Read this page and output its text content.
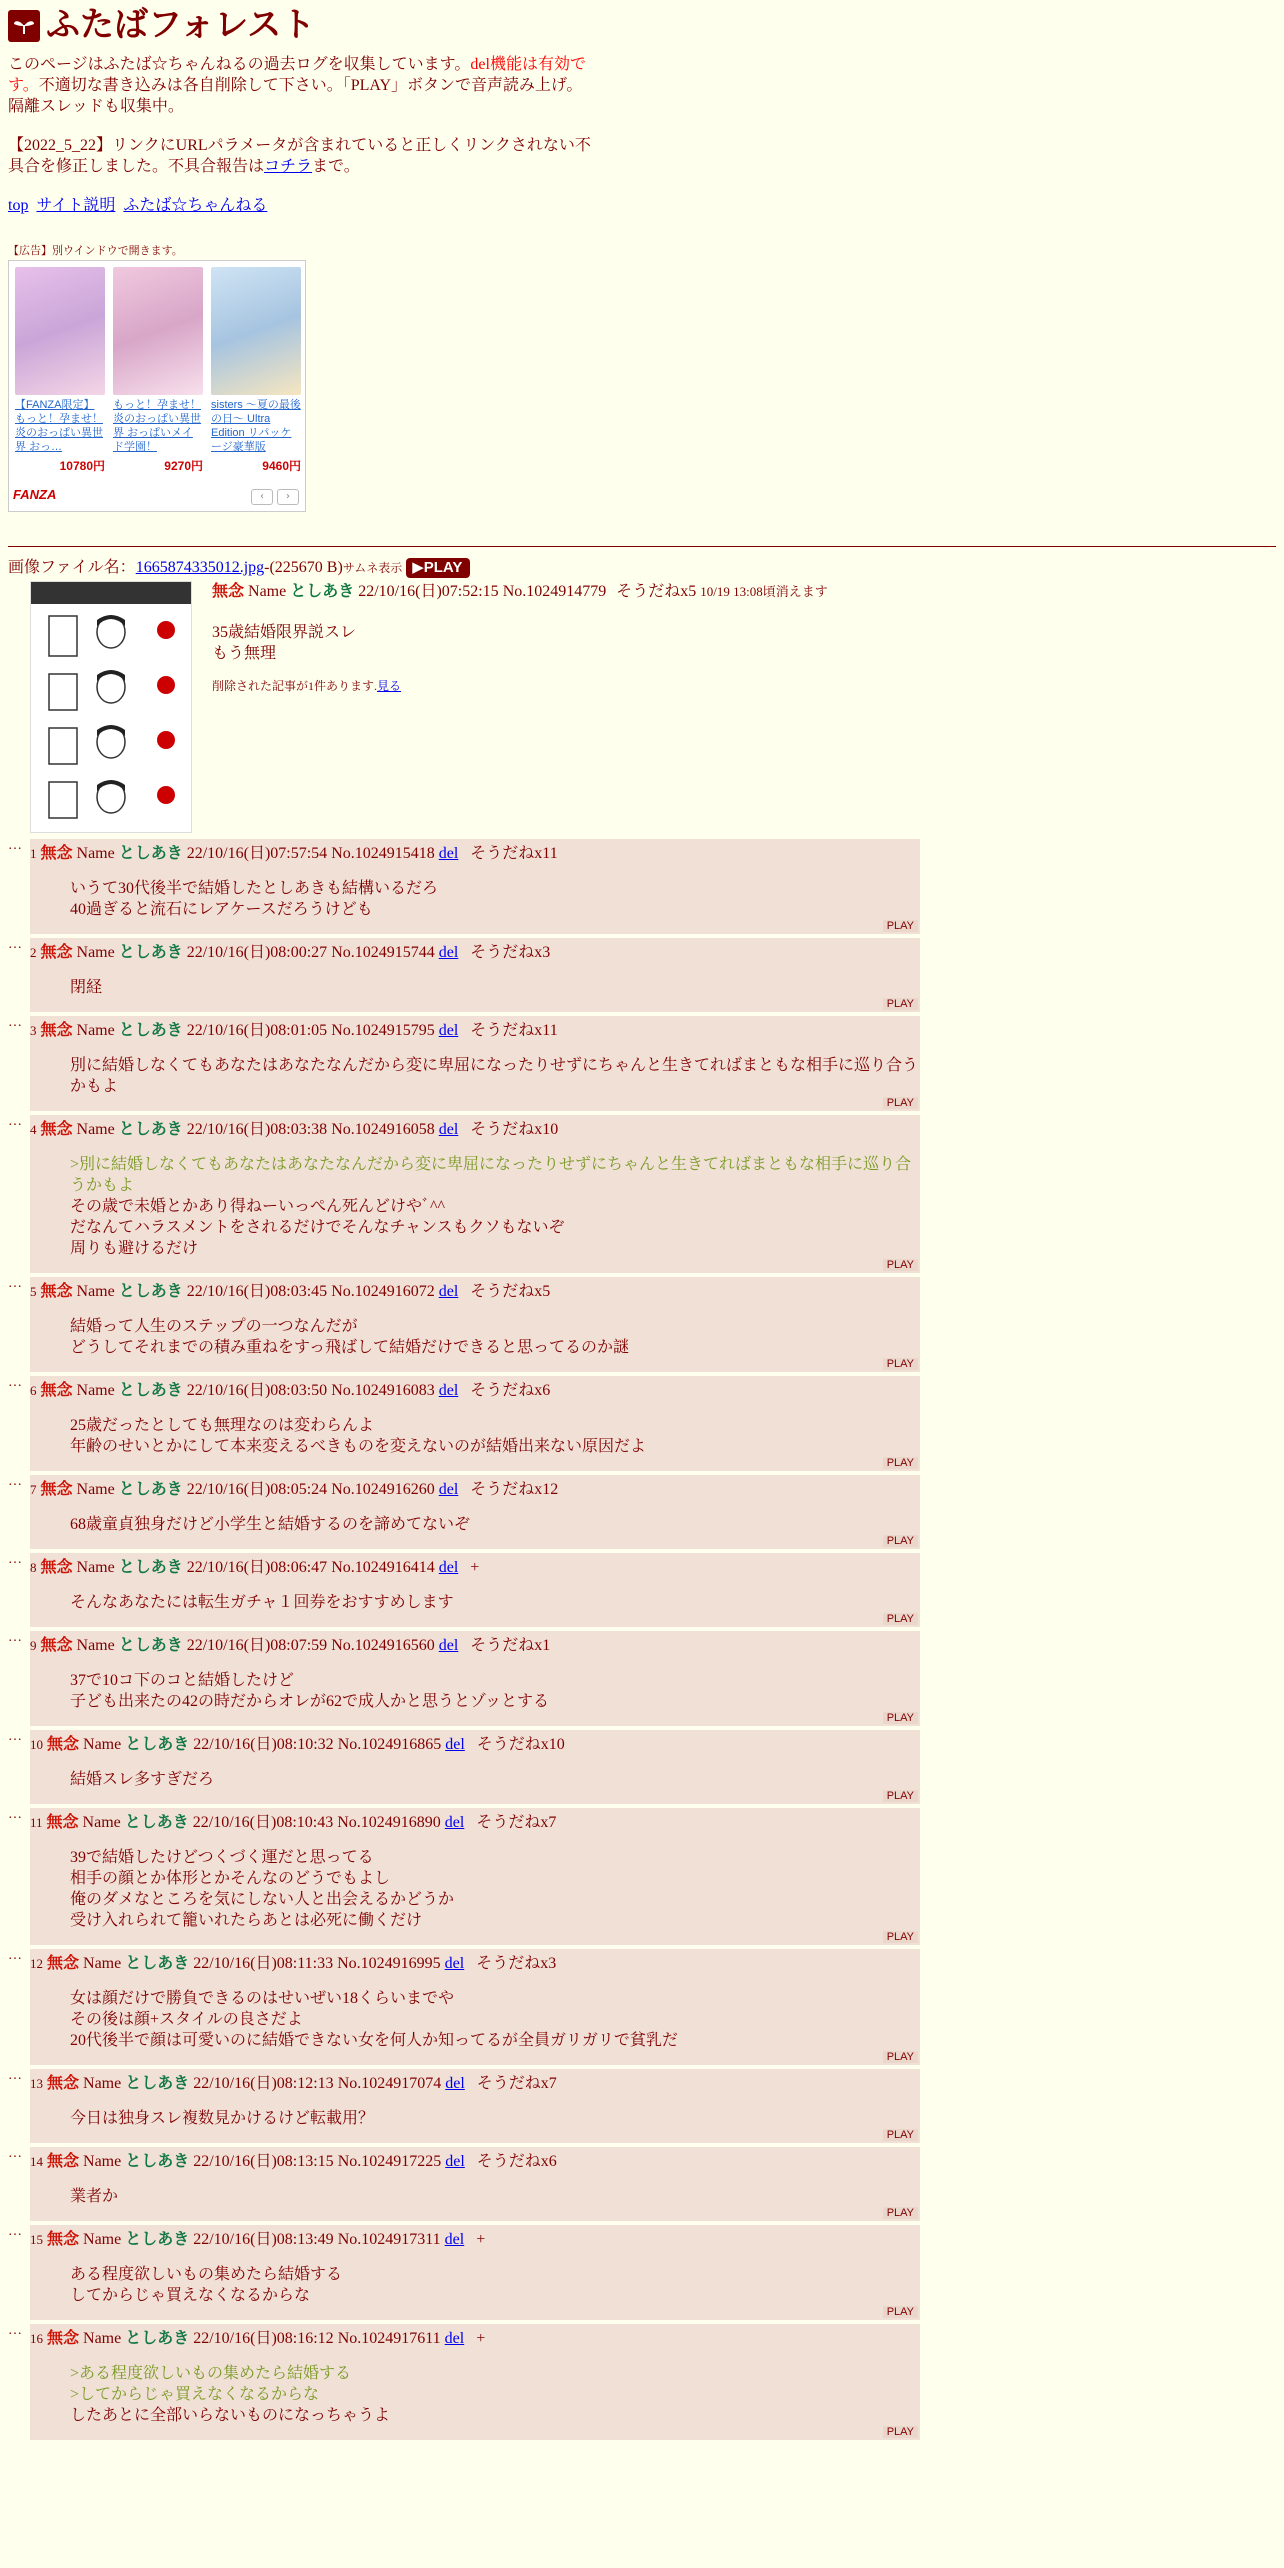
ふたばフォレスト

このページはふたば☆ちゃんねるの過去ログを収集しています。del機能は有効です。不適切な書き込みは各自削除して下さい。「PLAY」ボタンで音声読み上げ。隔離スレッドも収集中。

【2022_5_22】リンクにURLパラメータが含まれていると正しくリンクされない不具合を修正しました。不具合報告はコチラまで。

top サイト説明 ふたば☆ちゃんねる
【広告】別ウインドウで開きます。
【FANZA限定】もっと！孕ませ！炎のおっぱい異世界 おっ…
10780円
もっと！孕ませ！炎のおっぱい異世界 おっぱいメイド学園！
9270円
sisters 〜夏の最後の日〜 Ultra Edition リパッケージ豪華版
9460円
FANZA	‹	›
画像ファイル名：1665874335012.jpg-(225670 B)サムネ表示 ▶PLAY
無念 Name としあき 22/10/16(日)07:52:15 No.1024914779 そうだねx5 10/19 13:08頃消えます
35歳結婚限界説スレ
もう無理
削除された記事が1件あります.見る
…
1 無念 Name としあき 22/10/16(日)07:57:54 No.1024915418 del そうだねx11
いうて30代後半で結婚したとしあきも結構いるだろ
40過ぎると流石にレアケースだろうけども
PLAY
…
2 無念 Name としあき 22/10/16(日)08:00:27 No.1024915744 del そうだねx3
閉経
PLAY
…
3 無念 Name としあき 22/10/16(日)08:01:05 No.1024915795 del そうだねx11
別に結婚しなくてもあなたはあなたなんだから変に卑屈になったりせずにちゃんと生きてればまともな相手に巡り合うかもよ
PLAY
…
4 無念 Name としあき 22/10/16(日)08:03:38 No.1024916058 del そうだねx10
>別に結婚しなくてもあなたはあなたなんだから変に卑屈になったりせずにちゃんと生きてればまともな相手に巡り合うかもよ
その歳で未婚とかあり得ねーいっぺん死んどけやﾞ^^
だなんてハラスメントをされるだけでそんなチャンスもクソもないぞ
周りも避けるだけ
PLAY
…
5 無念 Name としあき 22/10/16(日)08:03:45 No.1024916072 del そうだねx5
結婚って人生のステップの一つなんだが
どうしてそれまでの積み重ねをすっ飛ばして結婚だけできると思ってるのか謎
PLAY
…
6 無念 Name としあき 22/10/16(日)08:03:50 No.1024916083 del そうだねx6
25歳だったとしても無理なのは変わらんよ
年齢のせいとかにして本来変えるべきものを変えないのが結婚出来ない原因だよ
PLAY
…
7 無念 Name としあき 22/10/16(日)08:05:24 No.1024916260 del そうだねx12
68歳童貞独身だけど小学生と結婚するのを諦めてないぞ
PLAY
…
8 無念 Name としあき 22/10/16(日)08:06:47 No.1024916414 del +
そんなあなたには転生ガチャ１回券をおすすめします
PLAY
…
9 無念 Name としあき 22/10/16(日)08:07:59 No.1024916560 del そうだねx1
37で10コ下のコと結婚したけど
子ども出来たの42の時だからオレが62で成人かと思うとゾッとする
PLAY
…
10 無念 Name としあき 22/10/16(日)08:10:32 No.1024916865 del そうだねx10
結婚スレ多すぎだろ
PLAY
…
11 無念 Name としあき 22/10/16(日)08:10:43 No.1024916890 del そうだねx7
39で結婚したけどつくづく運だと思ってる
相手の顔とか体形とかそんなのどうでもよし
俺のダメなところを気にしない人と出会えるかどうか
受け入れられて籠いれたらあとは必死に働くだけ
PLAY
…
12 無念 Name としあき 22/10/16(日)08:11:33 No.1024916995 del そうだねx3
女は顔だけで勝負できるのはせいぜい18くらいまでや
その後は顔+スタイルの良さだよ
20代後半で顔は可愛いのに結婚できない女を何人か知ってるが全員ガリガリで貧乳だ
PLAY
…
13 無念 Name としあき 22/10/16(日)08:12:13 No.1024917074 del そうだねx7
今日は独身スレ複数見かけるけど転載用？
PLAY
…
14 無念 Name としあき 22/10/16(日)08:13:15 No.1024917225 del そうだねx6
業者か
PLAY
…
15 無念 Name としあき 22/10/16(日)08:13:49 No.1024917311 del +
ある程度欲しいもの集めたら結婚する
してからじゃ買えなくなるからな
PLAY
…
16 無念 Name としあき 22/10/16(日)08:16:12 No.1024917611 del +
>ある程度欲しいもの集めたら結婚する
>してからじゃ買えなくなるからな
したあとに全部いらないものになっちゃうよ
PLAY
